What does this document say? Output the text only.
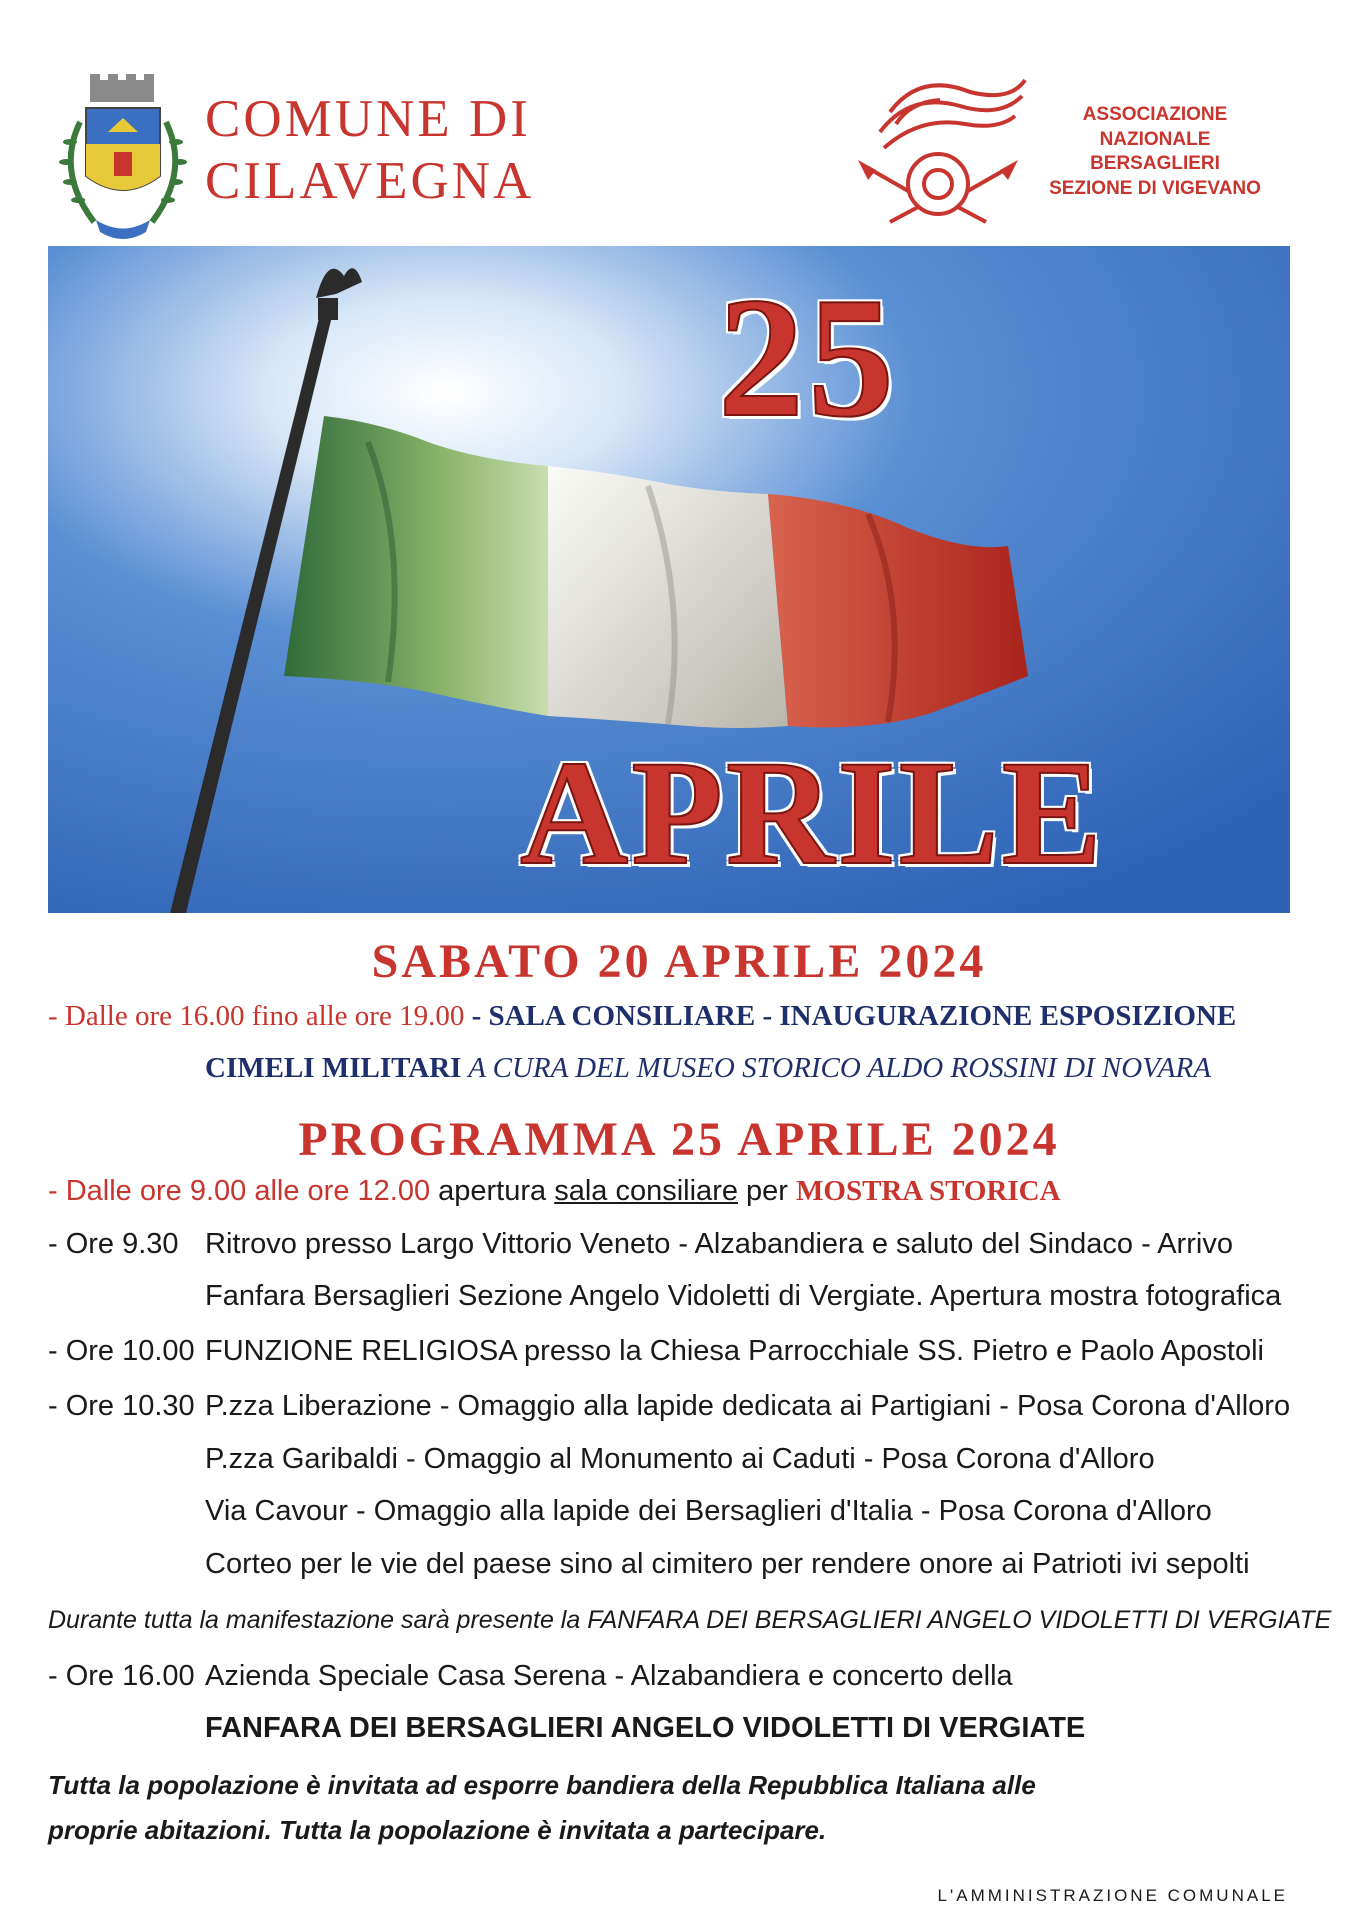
COMUNE DI
CILAVEGNA
ASSOCIAZIONE
NAZIONALE
BERSAGLIERI
SEZIONE DI VIGEVANO
25
APRILE
SABATO 20 APRILE 2024
- Dalle ore 16.00 fino alle ore 19.00 - SALA CONSILIARE - INAUGURAZIONE ESPOSIZIONE
CIMELI MILITARI A CURA DEL MUSEO STORICO ALDO ROSSINI DI NOVARA
PROGRAMMA 25 APRILE 2024
- Dalle ore 9.00 alle ore 12.00 apertura sala consiliare per MOSTRA STORICA
- Ore 9.30 Ritrovo presso Largo Vittorio Veneto - Alzabandiera e saluto del Sindaco - Arrivo
Fanfara Bersaglieri Sezione Angelo Vidoletti di Vergiate. Apertura mostra fotografica
- Ore 10.00 FUNZIONE RELIGIOSA presso la Chiesa Parrocchiale SS. Pietro e Paolo Apostoli
- Ore 10.30 P.zza Liberazione - Omaggio alla lapide dedicata ai Partigiani - Posa Corona d'Alloro
P.zza Garibaldi - Omaggio al Monumento ai Caduti - Posa Corona d'Alloro
Via Cavour - Omaggio alla lapide dei Bersaglieri d'Italia - Posa Corona d'Alloro
Corteo per le vie del paese sino al cimitero per rendere onore ai Patrioti ivi sepolti
Durante tutta la manifestazione sarà presente la FANFARA DEI BERSAGLIERI ANGELO VIDOLETTI DI VERGIATE
- Ore 16.00 Azienda Speciale Casa Serena - Alzabandiera e concerto della
FANFARA DEI BERSAGLIERI ANGELO VIDOLETTI DI VERGIATE
Tutta la popolazione è invitata ad esporre bandiera della Repubblica Italiana alle
proprie abitazioni. Tutta la popolazione è invitata a partecipare.
L'AMMINISTRAZIONE COMUNALE
